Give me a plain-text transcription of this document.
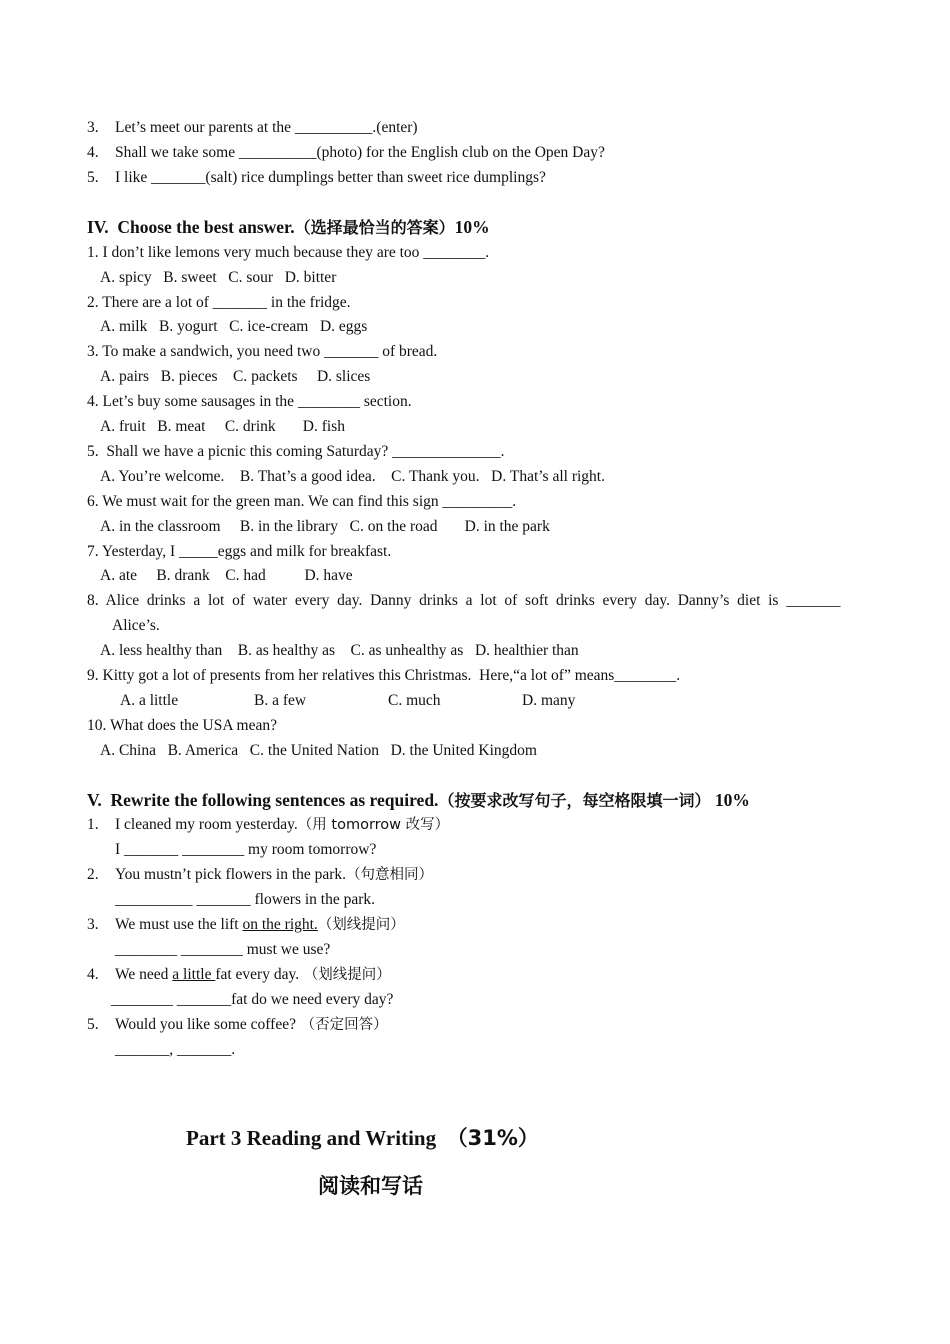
3. Let’s meet our parents at the __________.(enter)
4. Shall we take some __________(photo) for the English club on the Open Day?
5. I like _______(salt) rice dumplings better than sweet rice dumplings?
IV.  Choose the best answer.（选择最恰当的答案）10%
1. I don’t like lemons very much because they are too ________.
A. spicy   B. sweet   C. sour   D. bitter
2. There are a lot of _______ in the fridge.
A. milk   B. yogurt   C. ice-cream   D. eggs
3. To make a sandwich, you need two _______ of bread.
A. pairs   B. pieces    C. packets     D. slices
4. Let’s buy some sausages in the ________ section.
A. fruit   B. meat     C. drink       D. fish
5.  Shall we have a picnic this coming Saturday? ______________.
A. You’re welcome.    B. That’s a good idea.    C. Thank you.   D. That’s all right.
6. We must wait for the green man. We can find this sign _________.
A. in the classroom     B. in the library   C. on the road       D. in the park
7. Yesterday, I _____eggs and milk for breakfast.
A. ate     B. drank    C. had          D. have
8.  Alice  drinks  a  lot  of  water  every  day.  Danny  drinks  a  lot  of  soft  drinks  every  day.  Danny’s  diet  is  _______
Alice’s.
A. less healthy than    B. as healthy as    C. as unhealthy as   D. healthier than
9. Kitty got a lot of presents from her relatives this Christmas.  Here,“a lot of” means________.
A. a little	B. a few	C. much	D. many
10. What does the USA mean?
A. China   B. America   C. the United Nation   D. the United Kingdom
V.  Rewrite the following sentences as required.（按要求改写句子，每空格限填一词） 10%
1. I cleaned my room yesterday.（用 tomorrow 改写）
I _______ ________ my room tomorrow?
2. You mustn’t pick flowers in the park.（句意相同）
__________ _______ flowers in the park.
3. We must use the lift on the right.（划线提问）
________ ________ must we use?
4. We need a little fat every day. （划线提问）
________ _______fat do we need every day?
5. Would you like some coffee? （否定回答）
_______, _______.
Part 3 Reading and Writing  （31%）
阅读和写话
